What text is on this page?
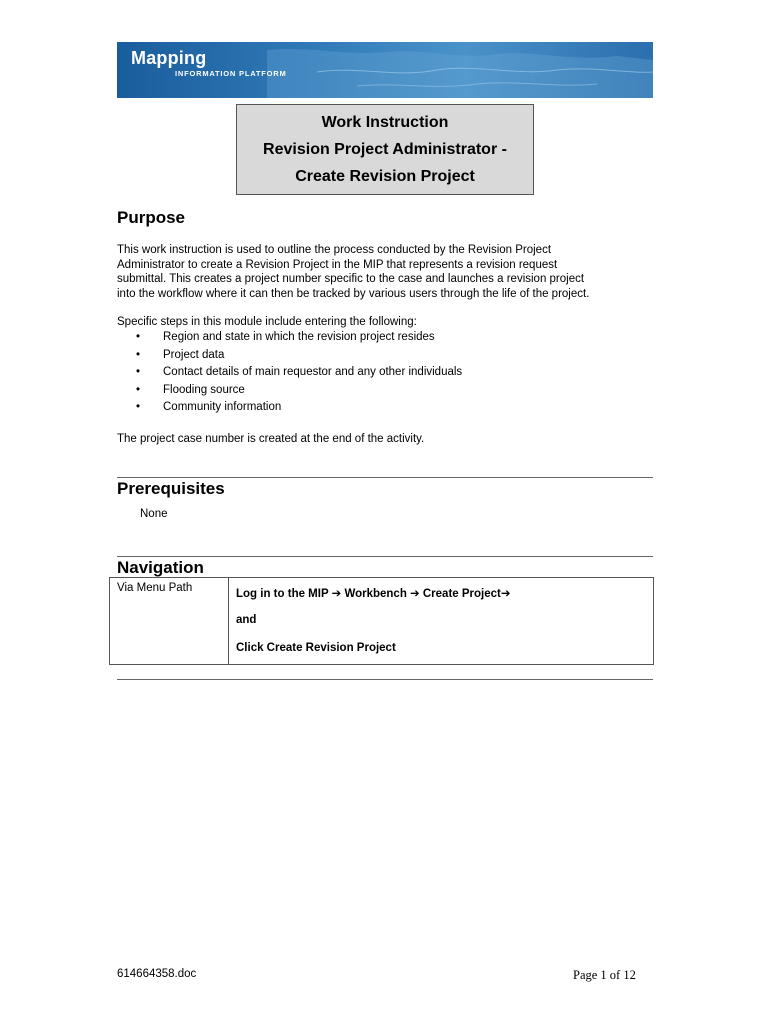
Mapping
INFORMATION PLATFORM
Work Instruction
Revision Project Administrator -
Create Revision Project
Purpose
This work instruction is used to outline the process conducted by the Revision Project
Administrator to create a Revision Project in the MIP that represents a revision request
submittal. This creates a project number specific to the case and launches a revision project
into the workflow where it can then be tracked by various users through the life of the project.
Specific steps in this module include entering the following:
• Region and state in which the revision project resides
• Project data
• Contact details of main requestor and any other individuals
• Flooding source
• Community information
The project case number is created at the end of the activity.
Prerequisites
None
Navigation
Via Menu Path	Log in to the MIP ➔ Workbench ➔ Create Project➔
and
Click Create Revision Project
614664358.doc	Page 1 of 12
